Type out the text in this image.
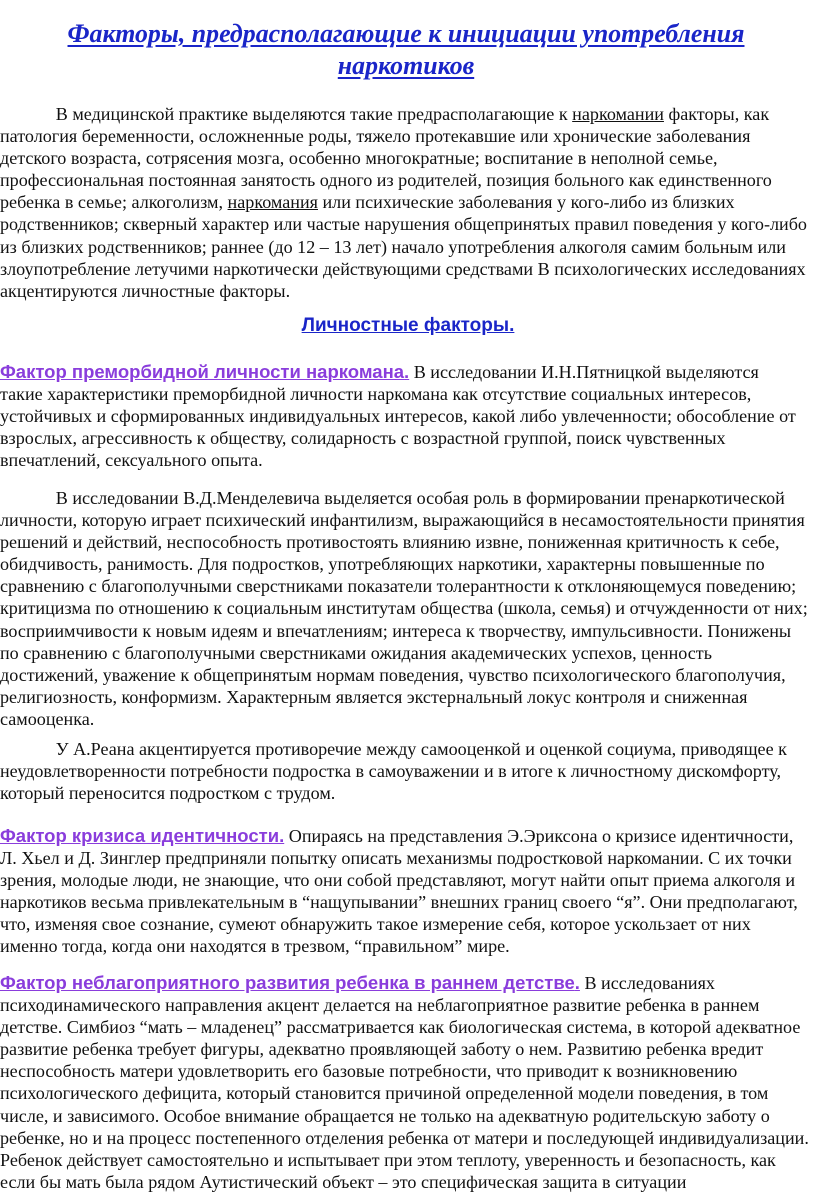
Факторы, предрасполагающие к инициации употребления
наркотиков

В медицинской практике выделяются такие предрасполагающие к наркомании факторы, как
патология беременности, осложненные роды, тяжело протекавшие или хронические заболевания
детского возраста, сотрясения мозга, особенно многократные; воспитание в неполной семье,
профессиональная постоянная занятость одного из родителей, позиция больного как единственного
ребенка в семье; алкоголизм, наркомания или психические заболевания у кого-либо из близких
родственников; скверный характер или частые нарушения общепринятых правил поведения у кого-либо
из близких родственников; раннее (до 12 – 13 лет) начало употребления алкоголя самим больным или
злоупотребление летучими наркотически действующими средствами В психологических исследованиях
акцентируются личностные факторы.

Личностные факторы.

Фактор преморбидной личности наркомана. В исследовании И.Н.Пятницкой выделяются
такие характеристики преморбидной личности наркомана как отсутствие социальных интересов,
устойчивых и сформированных индивидуальных интересов, какой либо увлеченности; обособление от
взрослых, агрессивность к обществу, солидарность с возрастной группой, поиск чувственных
впечатлений, сексуального опыта.

В исследовании В.Д.Менделевича выделяется особая роль в формировании пренаркотической
личности, которую играет психический инфантилизм, выражающийся в несамостоятельности принятия
решений и действий, неспособность противостоять влиянию извне, пониженная критичность к себе,
обидчивость, ранимость. Для подростков, употребляющих наркотики, характерны повышенные по
сравнению с благополучными сверстниками показатели толерантности к отклоняющемуся поведению;
критицизма по отношению к социальным институтам общества (школа, семья) и отчужденности от них;
восприимчивости к новым идеям и впечатлениям; интереса к творчеству, импульсивности. Понижены
по сравнению с благополучными сверстниками ожидания академических успехов, ценность
достижений, уважение к общепринятым нормам поведения, чувство психологического благополучия,
религиозность, конформизм. Характерным является экстернальный локус контроля и сниженная
самооценка.

У А.Реана акцентируется противоречие между самооценкой и оценкой социума, приводящее к
неудовлетворенности потребности подростка в самоуважении и в итоге к личностному дискомфорту,
который переносится подростком с трудом.

Фактор кризиса идентичности. Опираясь на представления Э.Эриксона о кризисе идентичности,
Л. Хьел и Д. Зинглер предприняли попытку описать механизмы подростковой наркомании. С их точки
зрения, молодые люди, не знающие, что они собой представляют, могут найти опыт приема алкоголя и
наркотиков весьма привлекательным в “нащупывании” внешних границ своего “я”. Они предполагают,
что, изменяя свое сознание, сумеют обнаружить такое измерение себя, которое ускользает от них
именно тогда, когда они находятся в трезвом, “правильном” мире.

Фактор неблагоприятного развития ребенка в раннем детстве. В исследованиях
психодинамического направления акцент делается на неблагоприятное развитие ребенка в раннем
детстве. Симбиоз “мать – младенец” рассматривается как биологическая система, в которой адекватное
развитие ребенка требует фигуры, адекватно проявляющей заботу о нем. Развитию ребенка вредит
неспособность матери удовлетворить его базовые потребности, что приводит к возникновению
психологического дефицита, который становится причиной определенной модели поведения, в том
числе, и зависимого. Особое внимание обращается не только на адекватную родительскую заботу о
ребенке, но и на процесс постепенного отделения ребенка от матери и последующей индивидуализации.
Ребенок действует самостоятельно и испытывает при этом теплоту, уверенность и безопасность, как
если бы мать была рядом Аутистический объект – это специфическая защита в ситуации
